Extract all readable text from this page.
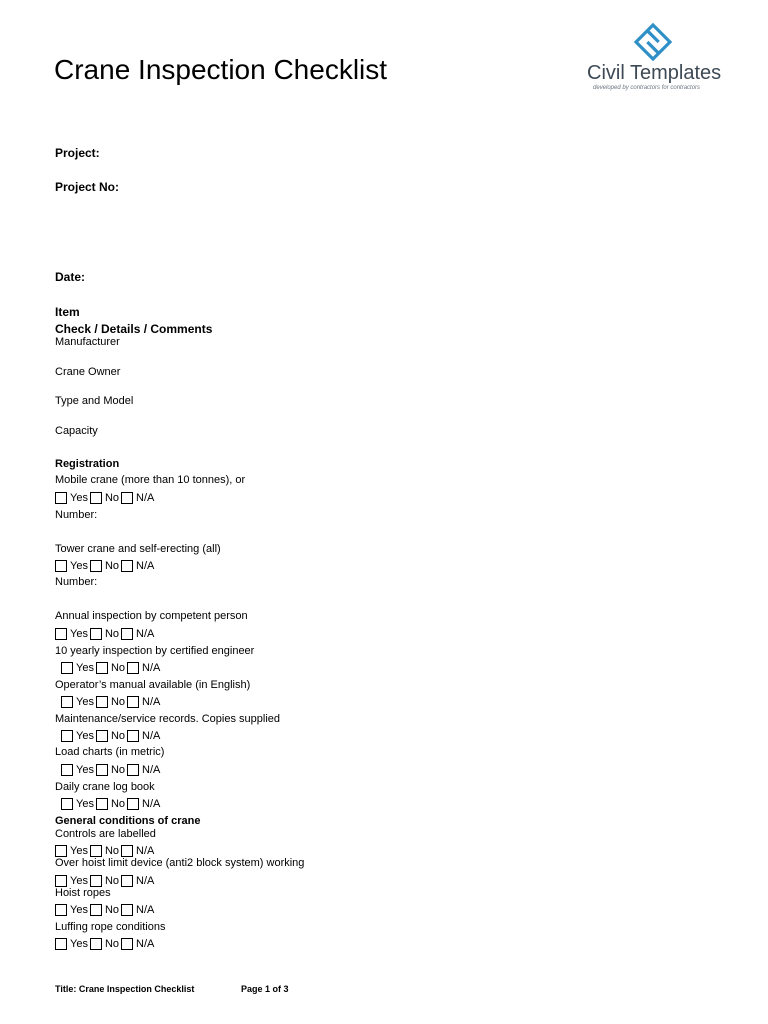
Crane Inspection Checklist	Civil Templates
developed by contractors for contractors
Project:
Project No:
Date:
Item
Check / Details / Comments
Manufacturer
Crane Owner
Type and Model
Capacity
Registration
Mobile crane (more than 10 tonnes), or
Yes No N/A
Number:
Tower crane and self-erecting (all)
Yes No N/A
Number:
Annual inspection by competent person
Yes No N/A
10 yearly inspection by certified engineer
Yes No N/A
Operator’s manual available (in English)
Yes No N/A
Maintenance/service records. Copies supplied
Yes No N/A
Load charts (in metric)
Yes No N/A
Daily crane log book
Yes No N/A
General conditions of crane
Controls are labelled
Yes No N/A
Over hoist limit device (anti2 block system) working
Yes No N/A
Hoist ropes
Yes No N/A
Luffing rope conditions
Yes No N/A
Title: Crane Inspection Checklist	Page 1 of 3
